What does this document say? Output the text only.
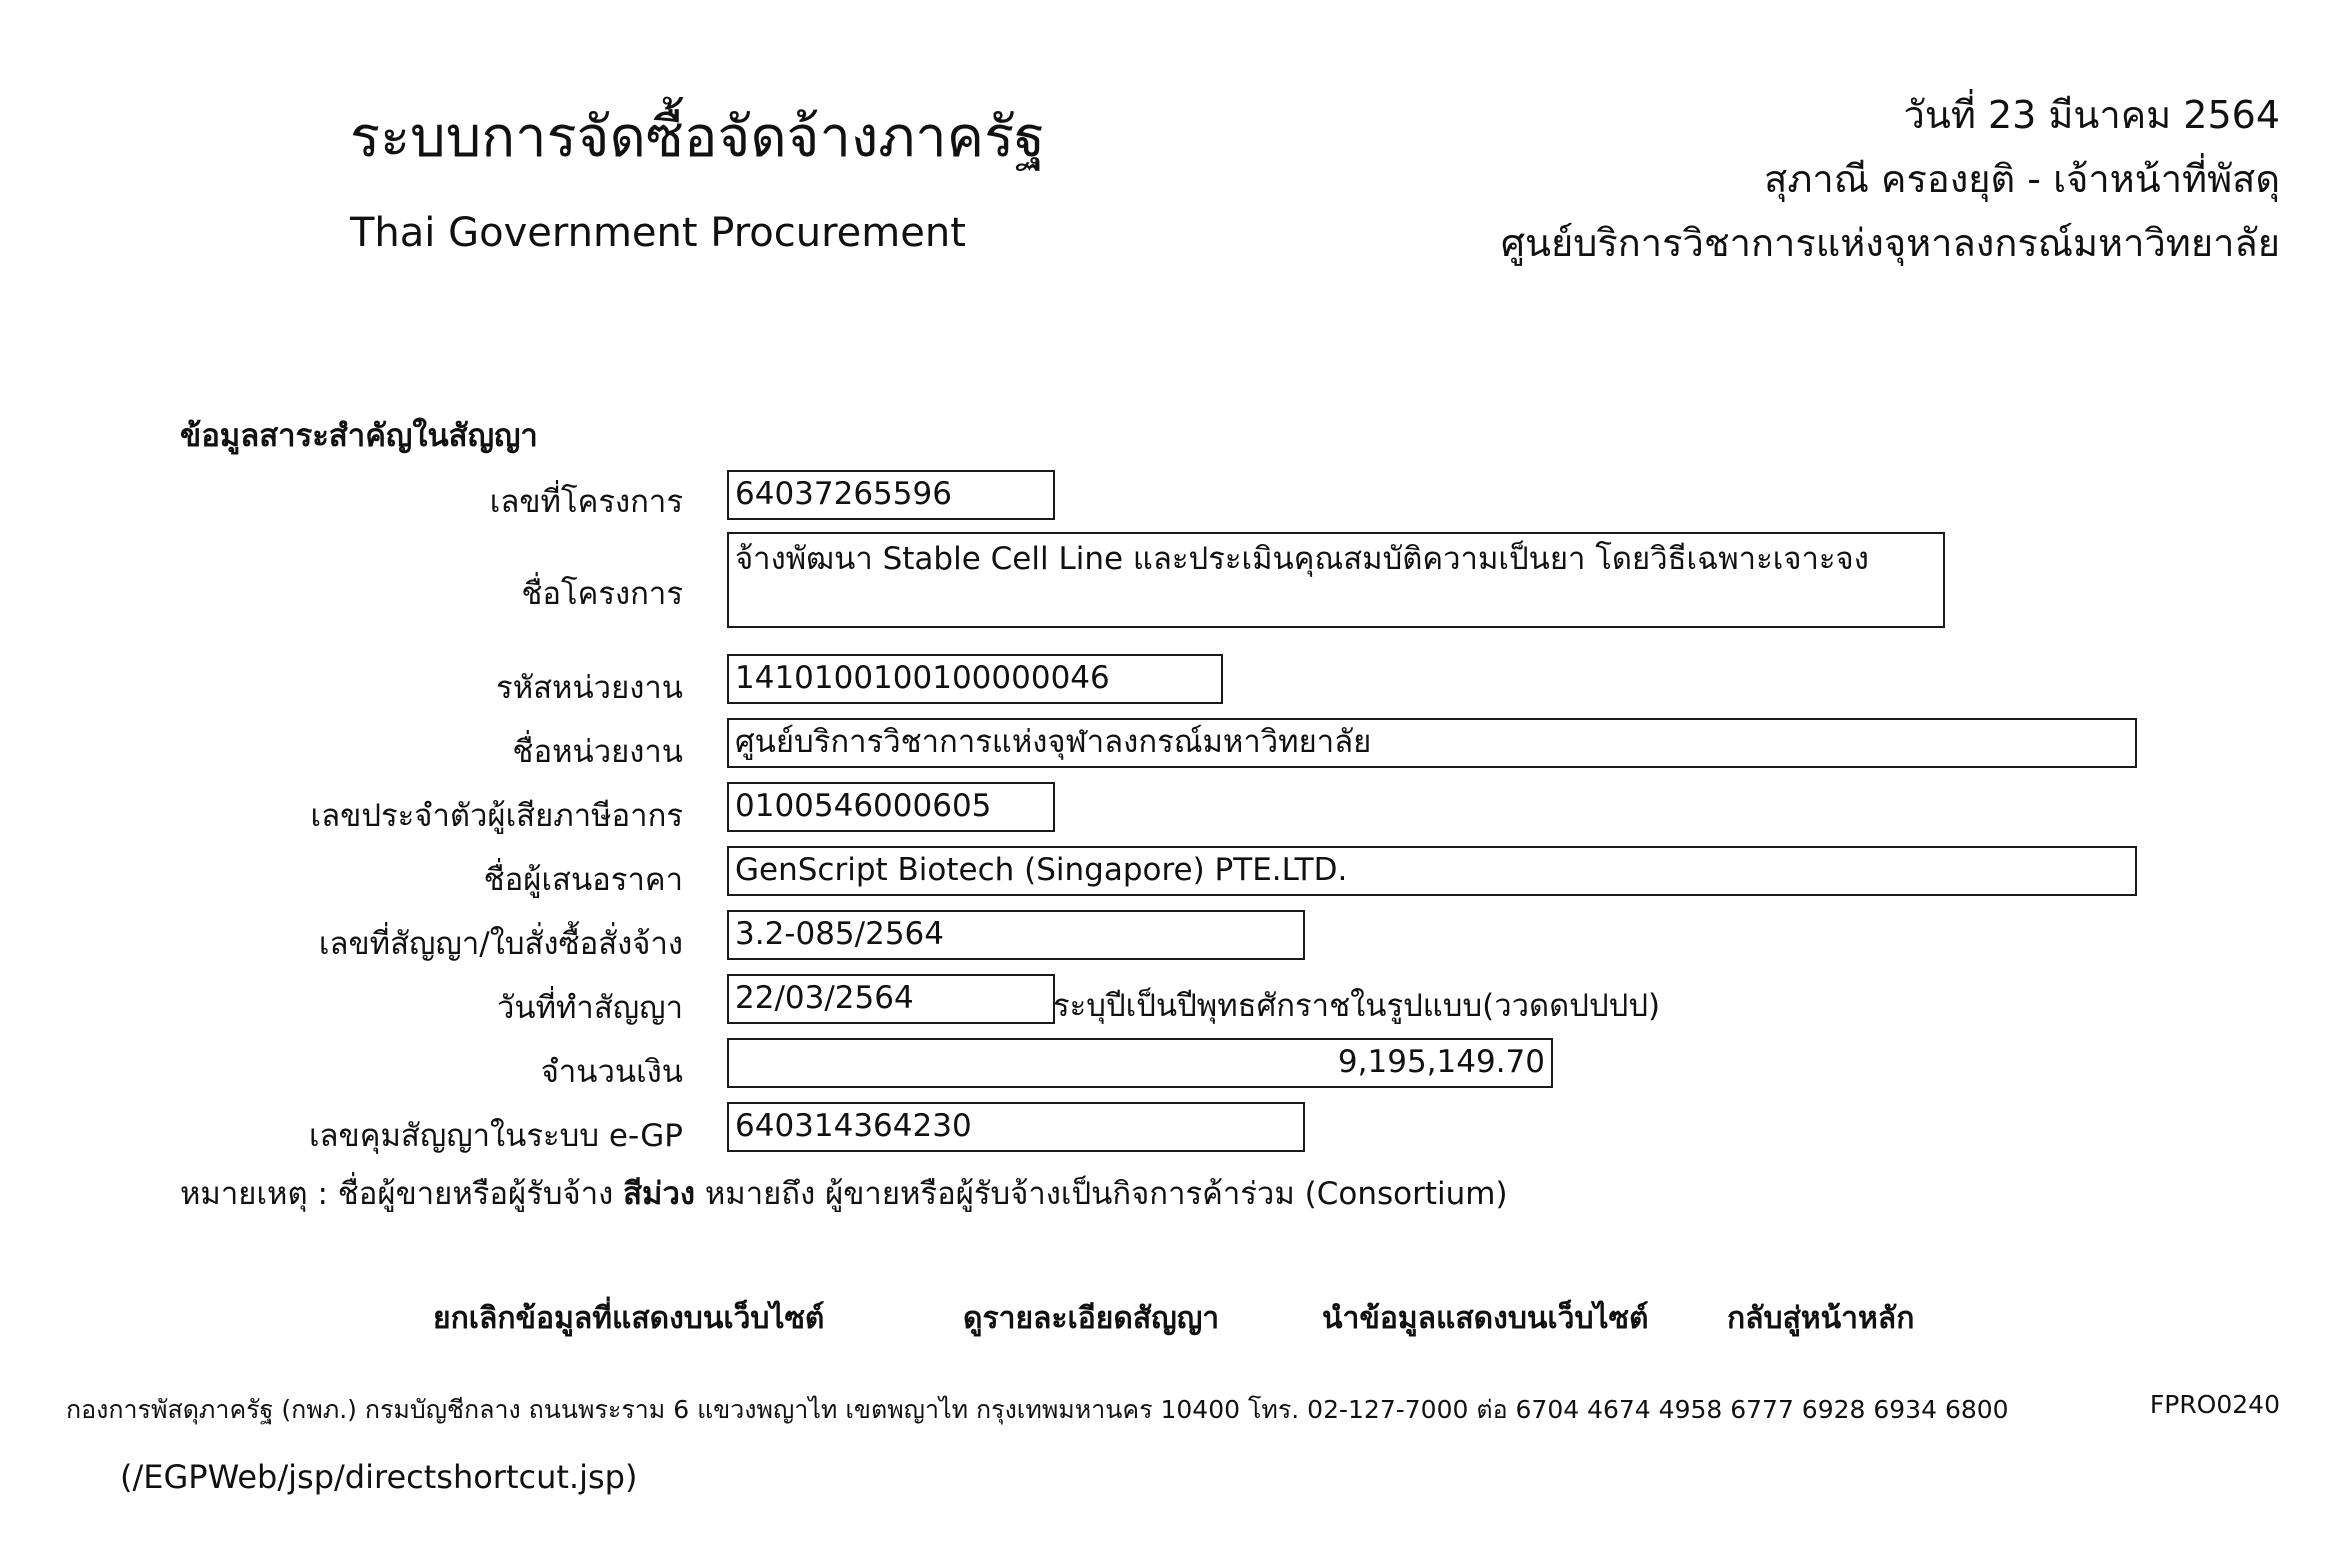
ระบบการจัดซื้อจัดจ้างภาครัฐ
Thai Government Procurement
วันที่ 23 มีนาคม 2564
สุภาณี ครองยุติ - เจ้าหน้าที่พัสดุ
ศูนย์บริการวิชาการแห่งจุหาลงกรณ์มหาวิทยาลัย
ข้อมูลสาระสำคัญในสัญญา
เลขที่โครงการ 64037265596
ชื่อโครงการ
จ้างพัฒนา Stable Cell Line และประเมินคุณสมบัติความเป็นยา โดยวิธีเฉพาะเจาะจง
รหัสหน่วยงาน 1410100100100000046
ชื่อหน่วยงาน ศูนย์บริการวิชาการแห่งจุฬาลงกรณ์มหาวิทยาลัย
เลขประจำตัวผู้เสียภาษีอากร 0100546000605
ชื่อผู้เสนอราคา GenScript Biotech (Singapore) PTE.LTD.
เลขที่สัญญา/ใบสั่งซื้อสั่งจ้าง 3.2-085/2564
วันที่ทำสัญญา 22/03/2564	ระบุปีเป็นปีพุทธศักราชในรูปแบบ(ววดดปปปป)
จำนวนเงิน	9,195,149.70
เลขคุมสัญญาในระบบ e-GP 640314364230
หมายเหตุ : ชื่อผู้ขายหรือผู้รับจ้าง สีม่วง หมายถึง ผู้ขายหรือผู้รับจ้างเป็นกิจการค้าร่วม (Consortium)
ยกเลิกข้อมูลที่แสดงบนเว็บไซต์	ดูรายละเอียดสัญญา	นำข้อมูลแสดงบนเว็บไซต์	กลับสู่หน้าหลัก
กองการพัสดุภาครัฐ (กพภ.) กรมบัญชีกลาง ถนนพระราม 6 แขวงพญาไท เขตพญาไท กรุงเทพมหานคร 10400 โทร. 02-127-7000 ต่อ 6704 4674 4958 6777 6928 6934 6800	FPRO0240
(/EGPWeb/jsp/directshortcut.jsp)
